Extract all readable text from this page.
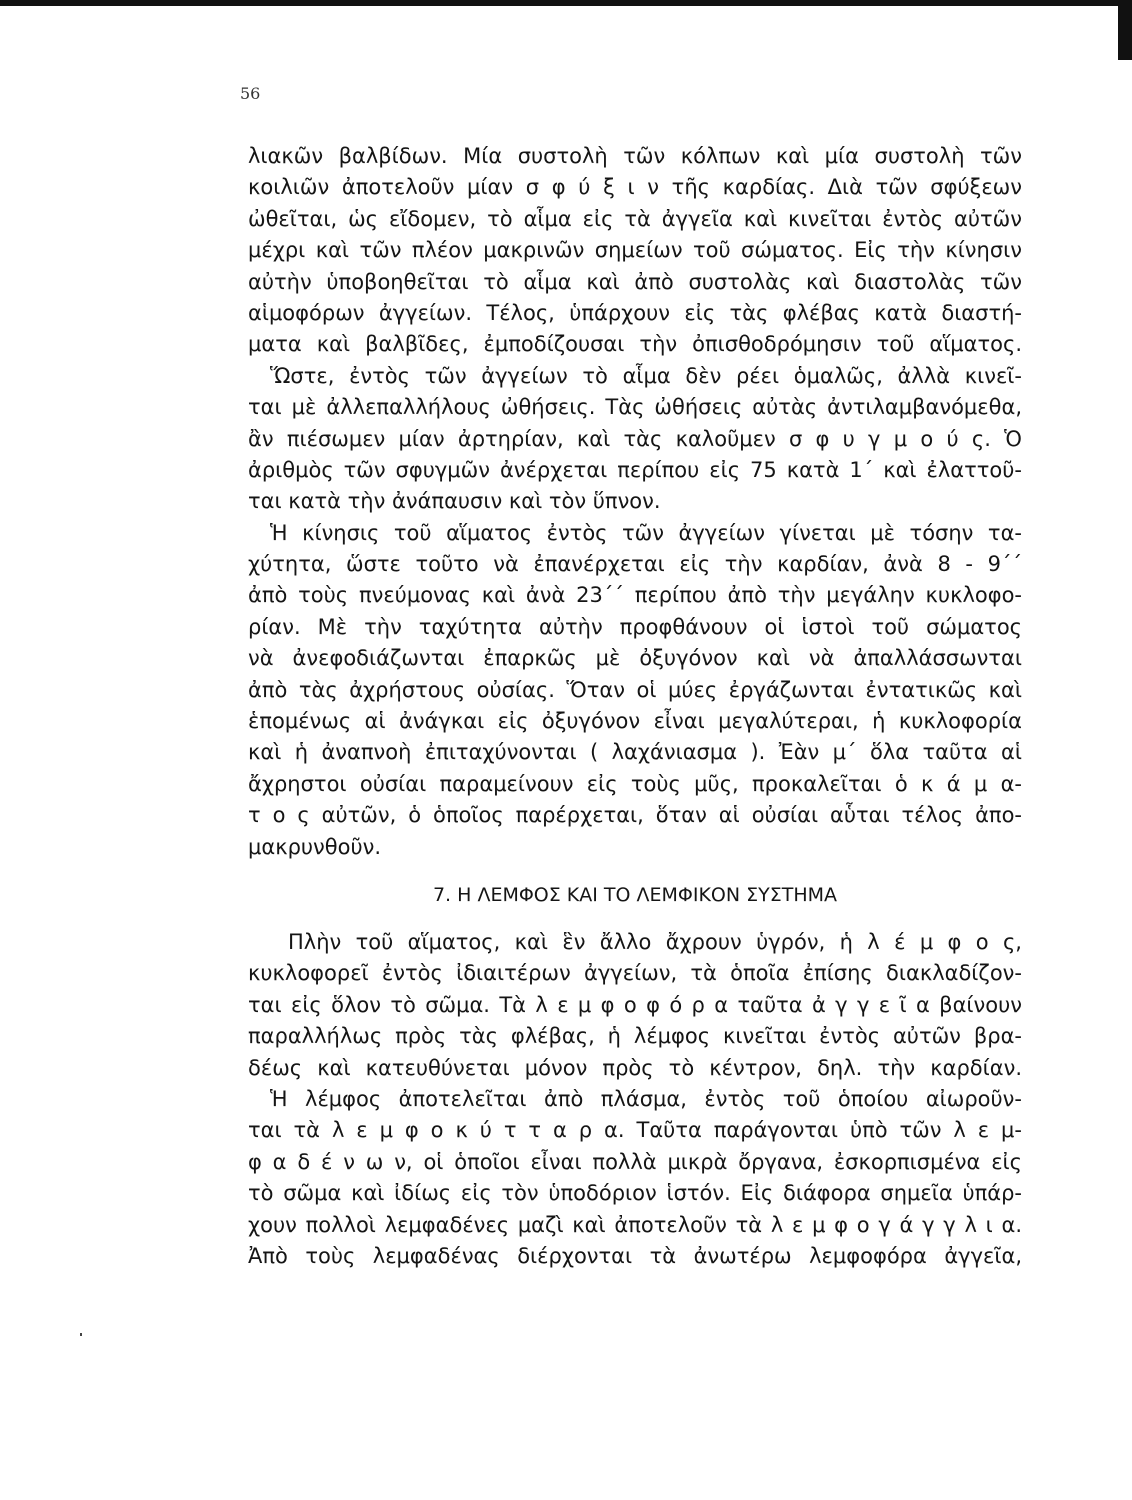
56
λιακῶν βαλβίδων. Μία συστολὴ τῶν κόλπων καὶ μία συστολὴ τῶν
κοιλιῶν ἀποτελοῦν μίαν σ φ ύ ξ ι ν τῆς καρδίας. Διὰ τῶν σφύξεων
ὠθεῖται, ὡς εἴδομεν, τὸ αἷμα εἰς τὰ ἀγγεῖα καὶ κινεῖται ἐντὸς αὐτῶν
μέχρι καὶ τῶν πλέον μακρινῶν σημείων τοῦ σώματος. Εἰς τὴν κίνησιν
αὐτὴν ὑποβοηθεῖται τὸ αἷμα καὶ ἀπὸ συστολὰς καὶ διαστολὰς τῶν
αἱμοφόρων ἀγγείων. Τέλος, ὑπάρχουν εἰς τὰς φλέβας κατὰ διαστή-
ματα καὶ βαλβῖδες, ἐμποδίζουσαι τὴν ὀπισθοδρόμησιν τοῦ αἵματος.
Ὥστε, ἐντὸς τῶν ἀγγείων τὸ αἷμα δὲν ρέει ὁμαλῶς, ἀλλὰ κινεῖ-
ται μὲ ἀλλεπαλλήλους ὠθήσεις. Τὰς ὠθήσεις αὐτὰς ἀντιλαμβανόμεθα,
ἂν πιέσωμεν μίαν ἀρτηρίαν, καὶ τὰς καλοῦμεν σ φ υ γ μ ο ύ ς. Ὁ
ἀριθμὸς τῶν σφυγμῶν ἀνέρχεται περίπου εἰς 75 κατὰ 1΄ καὶ ἐλαττοῦ-
ται κατὰ τὴν ἀνάπαυσιν καὶ τὸν ὕπνον.
Ἡ κίνησις τοῦ αἵματος ἐντὸς τῶν ἀγγείων γίνεται μὲ τόσην τα-
χύτητα, ὥστε τοῦτο νὰ ἐπανέρχεται εἰς τὴν καρδίαν, ἀνὰ 8 - 9΄΄
ἀπὸ τοὺς πνεύμονας καὶ ἀνὰ 23΄΄ περίπου ἀπὸ τὴν μεγάλην κυκλοφο-
ρίαν. Μὲ τὴν ταχύτητα αὐτὴν προφθάνουν οἱ ἱστοὶ τοῦ σώματος
νὰ ἀνεφοδιάζωνται ἐπαρκῶς μὲ ὀξυγόνον καὶ νὰ ἀπαλλάσσωνται
ἀπὸ τὰς ἀχρήστους οὐσίας. Ὅταν οἱ μύες ἐργάζωνται ἐντατικῶς καὶ
ἑπομένως αἱ ἀνάγκαι εἰς ὀξυγόνον εἶναι μεγαλύτεραι, ἡ κυκλοφορία
καὶ ἡ ἀναπνοὴ ἐπιταχύνονται ( λαχάνιασμα ). Ἐὰν μ΄ ὅλα ταῦτα αἱ
ἄχρηστοι οὐσίαι παραμείνουν εἰς τοὺς μῦς, προκαλεῖται ὁ κ ά μ α-
τ ο ς αὐτῶν, ὁ ὁποῖος παρέρχεται, ὅταν αἱ οὐσίαι αὗται τέλος ἀπο-
μακρυνθοῦν.
7. Η ΛΕΜΦΟΣ ΚΑΙ ΤΟ ΛΕΜΦΙΚΟΝ ΣΥΣΤΗΜΑ
Πλὴν τοῦ αἵματος, καὶ ἓν ἄλλο ἄχρουν ὑγρόν, ἡ λ έ μ φ ο ς,
κυκλοφορεῖ ἐντὸς ἰδιαιτέρων ἀγγείων, τὰ ὁποῖα ἐπίσης διακλαδίζον-
ται εἰς ὅλον τὸ σῶμα. Τὰ λ ε μ φ ο φ ό ρ α ταῦτα ἀ γ γ ε ῖ α βαίνουν
παραλλήλως πρὸς τὰς φλέβας, ἡ λέμφος κινεῖται ἐντὸς αὐτῶν βρα-
δέως καὶ κατευθύνεται μόνον πρὸς τὸ κέντρον, δηλ. τὴν καρδίαν.
Ἡ λέμφος ἀποτελεῖται ἀπὸ πλάσμα, ἐντὸς τοῦ ὁποίου αἰωροῦν-
ται τὰ λ ε μ φ ο κ ύ τ τ α ρ α. Ταῦτα παράγονται ὑπὸ τῶν λ ε μ-
φ α δ έ ν ω ν, οἱ ὁποῖοι εἶναι πολλὰ μικρὰ ὄργανα, ἐσκορπισμένα εἰς
τὸ σῶμα καὶ ἰδίως εἰς τὸν ὑποδόριον ἱστόν. Εἰς διάφορα σημεῖα ὑπάρ-
χουν πολλοὶ λεμφαδένες μαζὶ καὶ ἀποτελοῦν τὰ λ ε μ φ ο γ ά γ γ λ ι α.
Ἀπὸ τοὺς λεμφαδένας διέρχονται τὰ ἀνωτέρω λεμφοφόρα ἀγγεῖα,
